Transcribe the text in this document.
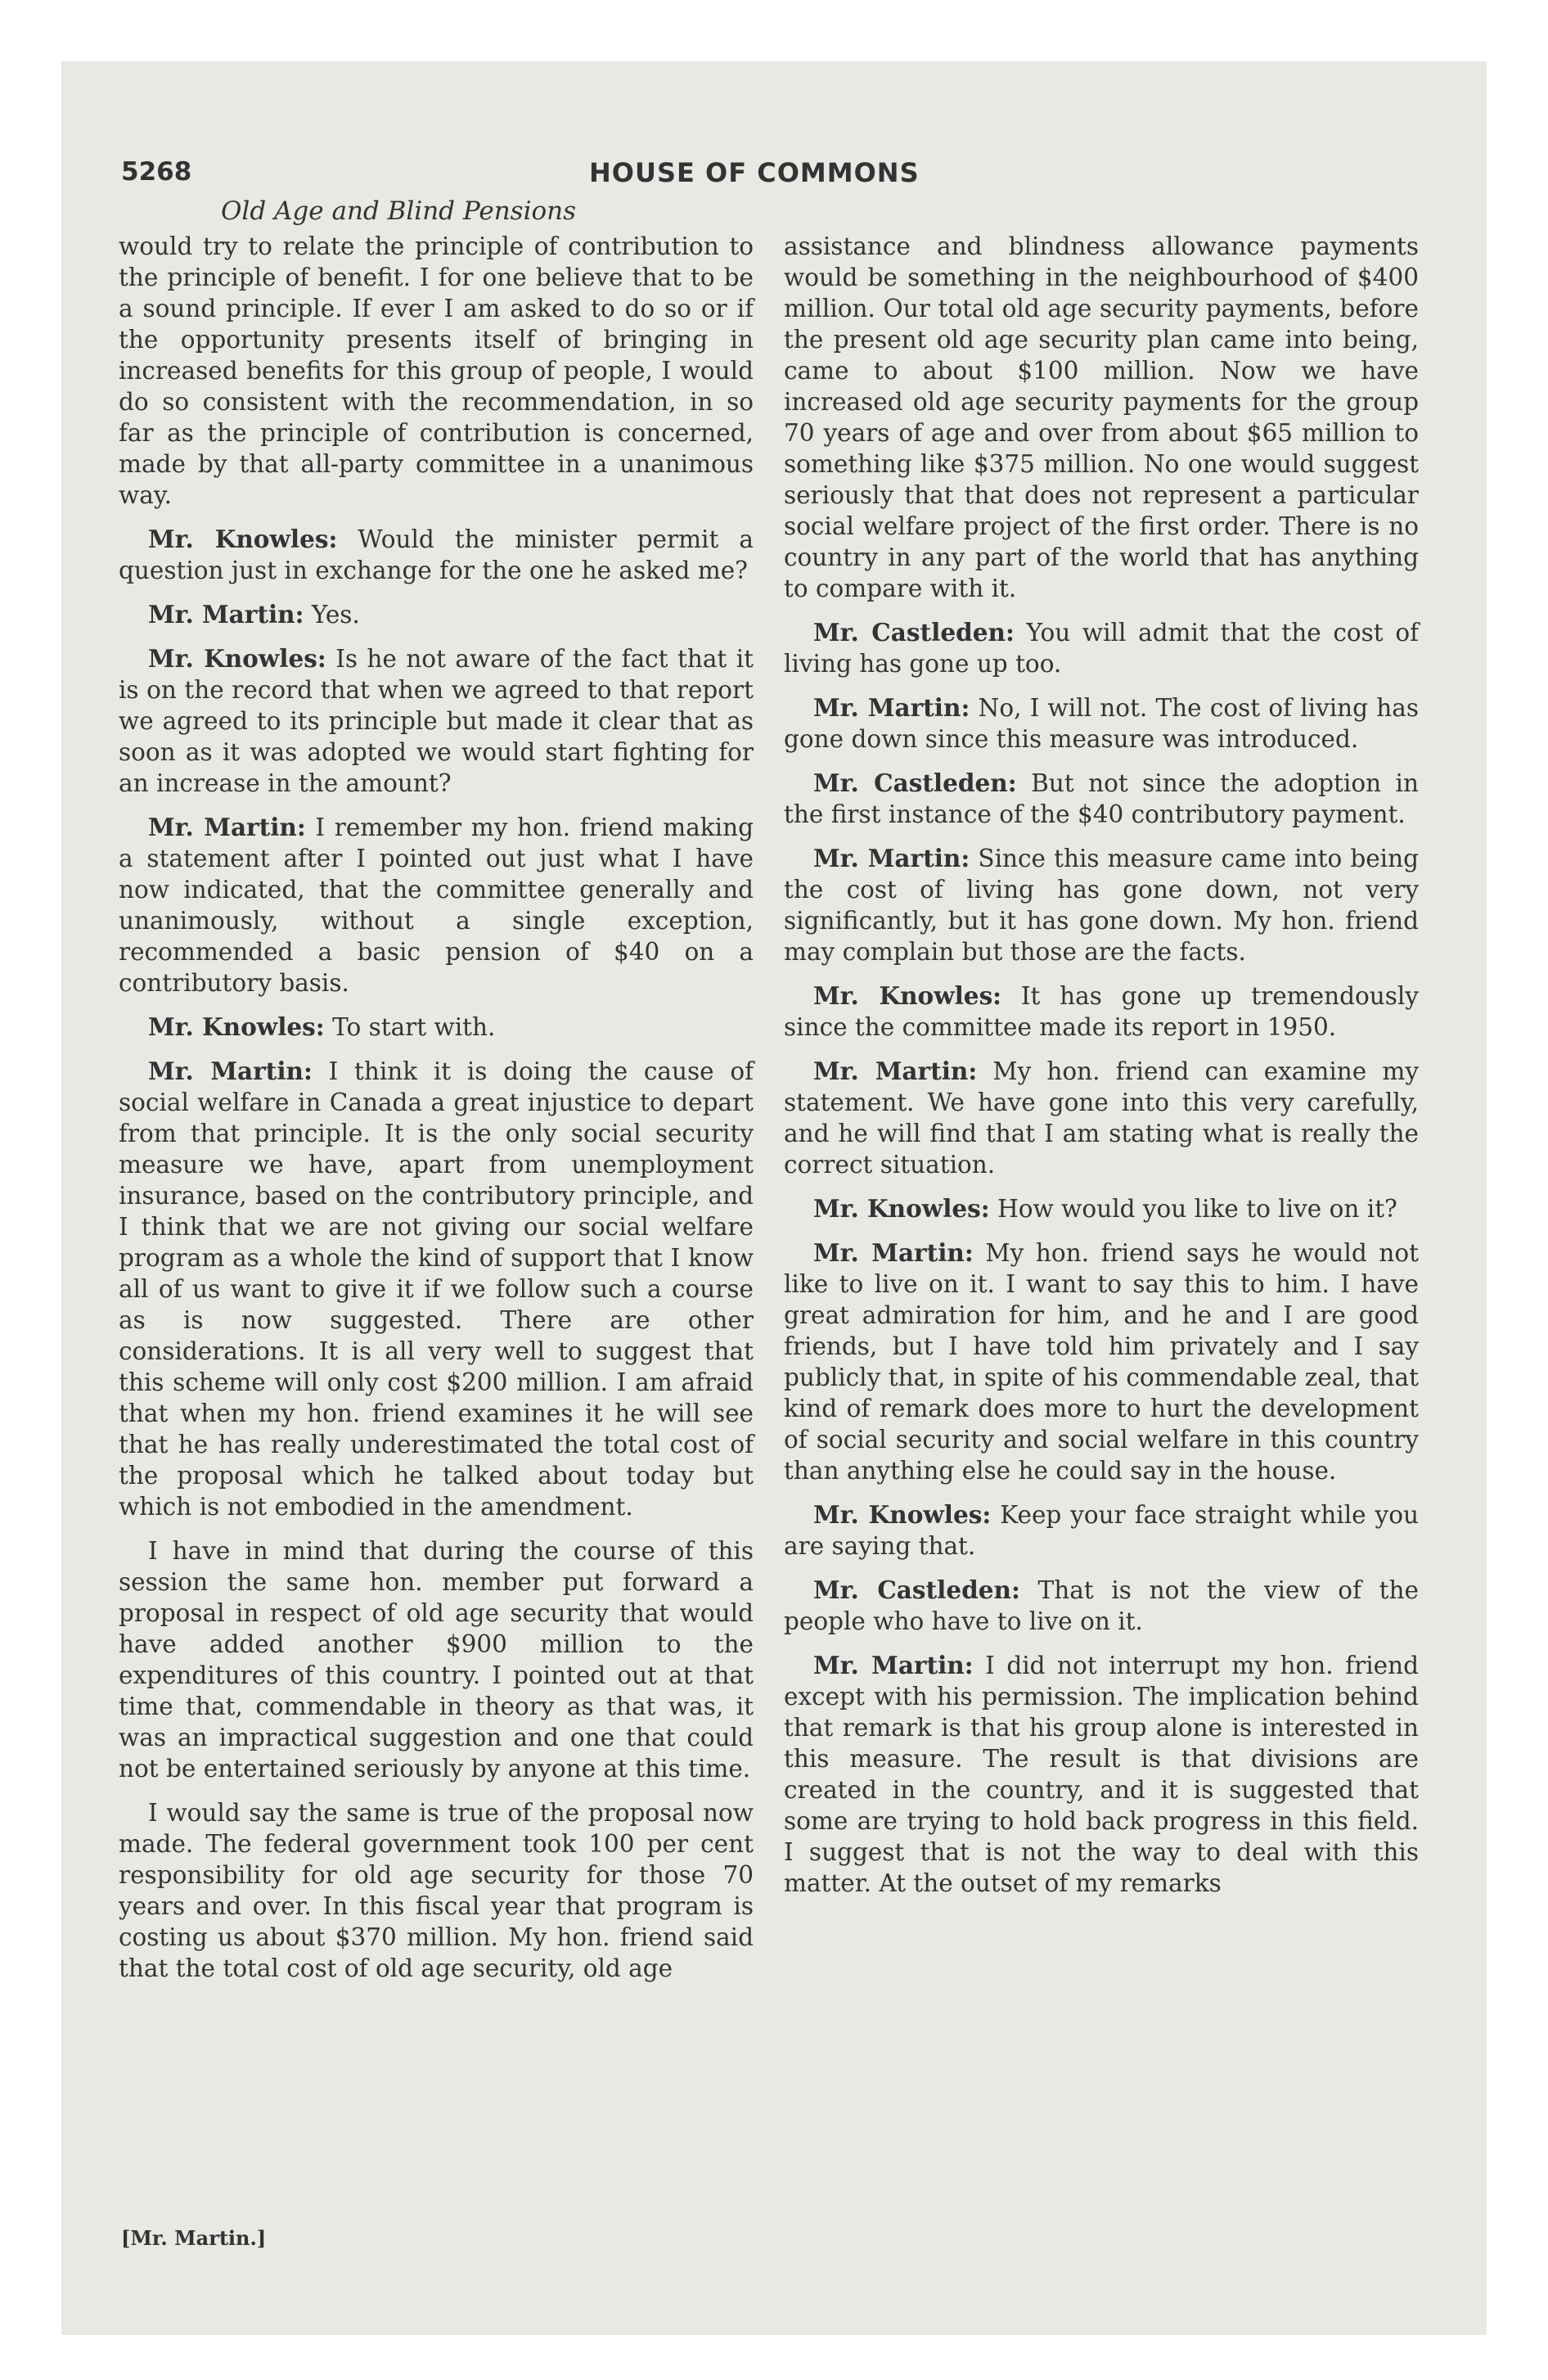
5268	HOUSE OF COMMONS
Old Age and Blind Pensions

would try to relate the principle of contribution to the principle of benefit. I for one believe that to be a sound principle. If ever I am asked to do so or if the opportunity presents itself of bringing in increased benefits for this group of people, I would do so consistent with the recommendation, in so far as the principle of contribution is concerned, made by that all-party committee in a unanimous way.

Mr. Knowles: Would the minister permit a question just in exchange for the one he asked me?

Mr. Martin: Yes.

Mr. Knowles: Is he not aware of the fact that it is on the record that when we agreed to that report we agreed to its principle but made it clear that as soon as it was adopted we would start fighting for an increase in the amount?

Mr. Martin: I remember my hon. friend making a statement after I pointed out just what I have now indicated, that the committee generally and unanimously, without a single exception, recommended a basic pension of $40 on a contributory basis.

Mr. Knowles: To start with.

Mr. Martin: I think it is doing the cause of social welfare in Canada a great injustice to depart from that principle. It is the only social security measure we have, apart from unemployment insurance, based on the contributory principle, and I think that we are not giving our social welfare program as a whole the kind of support that I know all of us want to give it if we follow such a course as is now suggested. There are other considerations. It is all very well to suggest that this scheme will only cost $200 million. I am afraid that when my hon. friend examines it he will see that he has really underestimated the total cost of the proposal which he talked about today but which is not embodied in the amendment.

I have in mind that during the course of this session the same hon. member put forward a proposal in respect of old age security that would have added another $900 million to the expenditures of this country. I pointed out at that time that, commendable in theory as that was, it was an impractical suggestion and one that could not be entertained seriously by anyone at this time.

I would say the same is true of the proposal now made. The federal government took 100 per cent responsibility for old age security for those 70 years and over. In this fiscal year that program is costing us about $370 million. My hon. friend said that the total cost of old age security, old age

assistance and blindness allowance payments would be something in the neighbourhood of $400 million. Our total old age security payments, before the present old age security plan came into being, came to about $100 million. Now we have increased old age security payments for the group 70 years of age and over from about $65 million to something like $375 million. No one would suggest seriously that that does not represent a particular social welfare project of the first order. There is no country in any part of the world that has anything to compare with it.

Mr. Castleden: You will admit that the cost of living has gone up too.

Mr. Martin: No, I will not. The cost of living has gone down since this measure was introduced.

Mr. Castleden: But not since the adoption in the first instance of the $40 contributory payment.

Mr. Martin: Since this measure came into being the cost of living has gone down, not very significantly, but it has gone down. My hon. friend may complain but those are the facts.

Mr. Knowles: It has gone up tremendously since the committee made its report in 1950.

Mr. Martin: My hon. friend can examine my statement. We have gone into this very carefully, and he will find that I am stating what is really the correct situation.

Mr. Knowles: How would you like to live on it?

Mr. Martin: My hon. friend says he would not like to live on it. I want to say this to him. I have great admiration for him, and he and I are good friends, but I have told him privately and I say publicly that, in spite of his commendable zeal, that kind of remark does more to hurt the development of social security and social welfare in this country than anything else he could say in the house.

Mr. Knowles: Keep your face straight while you are saying that.

Mr. Castleden: That is not the view of the people who have to live on it.

Mr. Martin: I did not interrupt my hon. friend except with his permission. The implication behind that remark is that his group alone is interested in this measure. The result is that divisions are created in the country, and it is suggested that some are trying to hold back progress in this field. I suggest that is not the way to deal with this matter. At the outset of my remarks

[Mr. Martin.]
